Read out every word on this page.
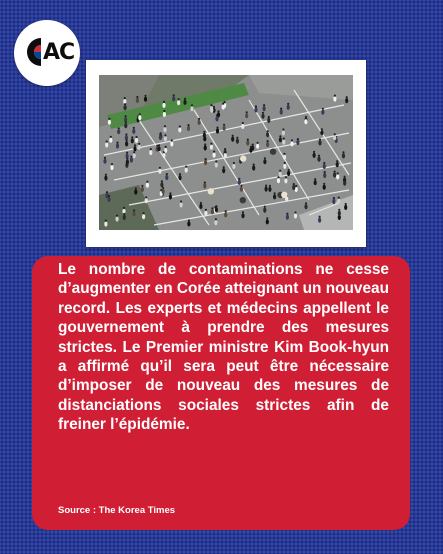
AC

Le nombre de contaminations ne cesse d’augmenter en Corée atteignant un nouveau record. Les experts et médecins appellent le gouvernement à prendre des mesures strictes. Le Premier ministre Kim Book-hyun a affirmé qu’il sera peut être nécessaire d’imposer de nouveau des mesures de distanciations sociales strictes afin de freiner l’épidémie.

Source : The Korea Times
